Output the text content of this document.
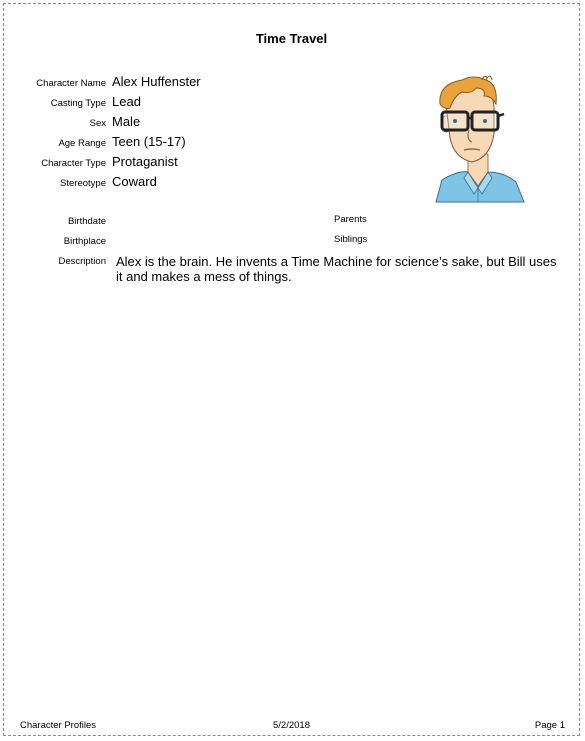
Time Travel
Character Name Alex Huffenster
Casting Type Lead
Sex Male
Age Range Teen (15-17)
Character Type Protaganist
Stereotype Coward
Birthdate
Birthplace
Parents
Siblings
Description Alex is the brain. He invents a Time Machine for science’s sake, but Bill uses it and makes a mess of things.
Character Profiles	5/2/2018	Page 1
